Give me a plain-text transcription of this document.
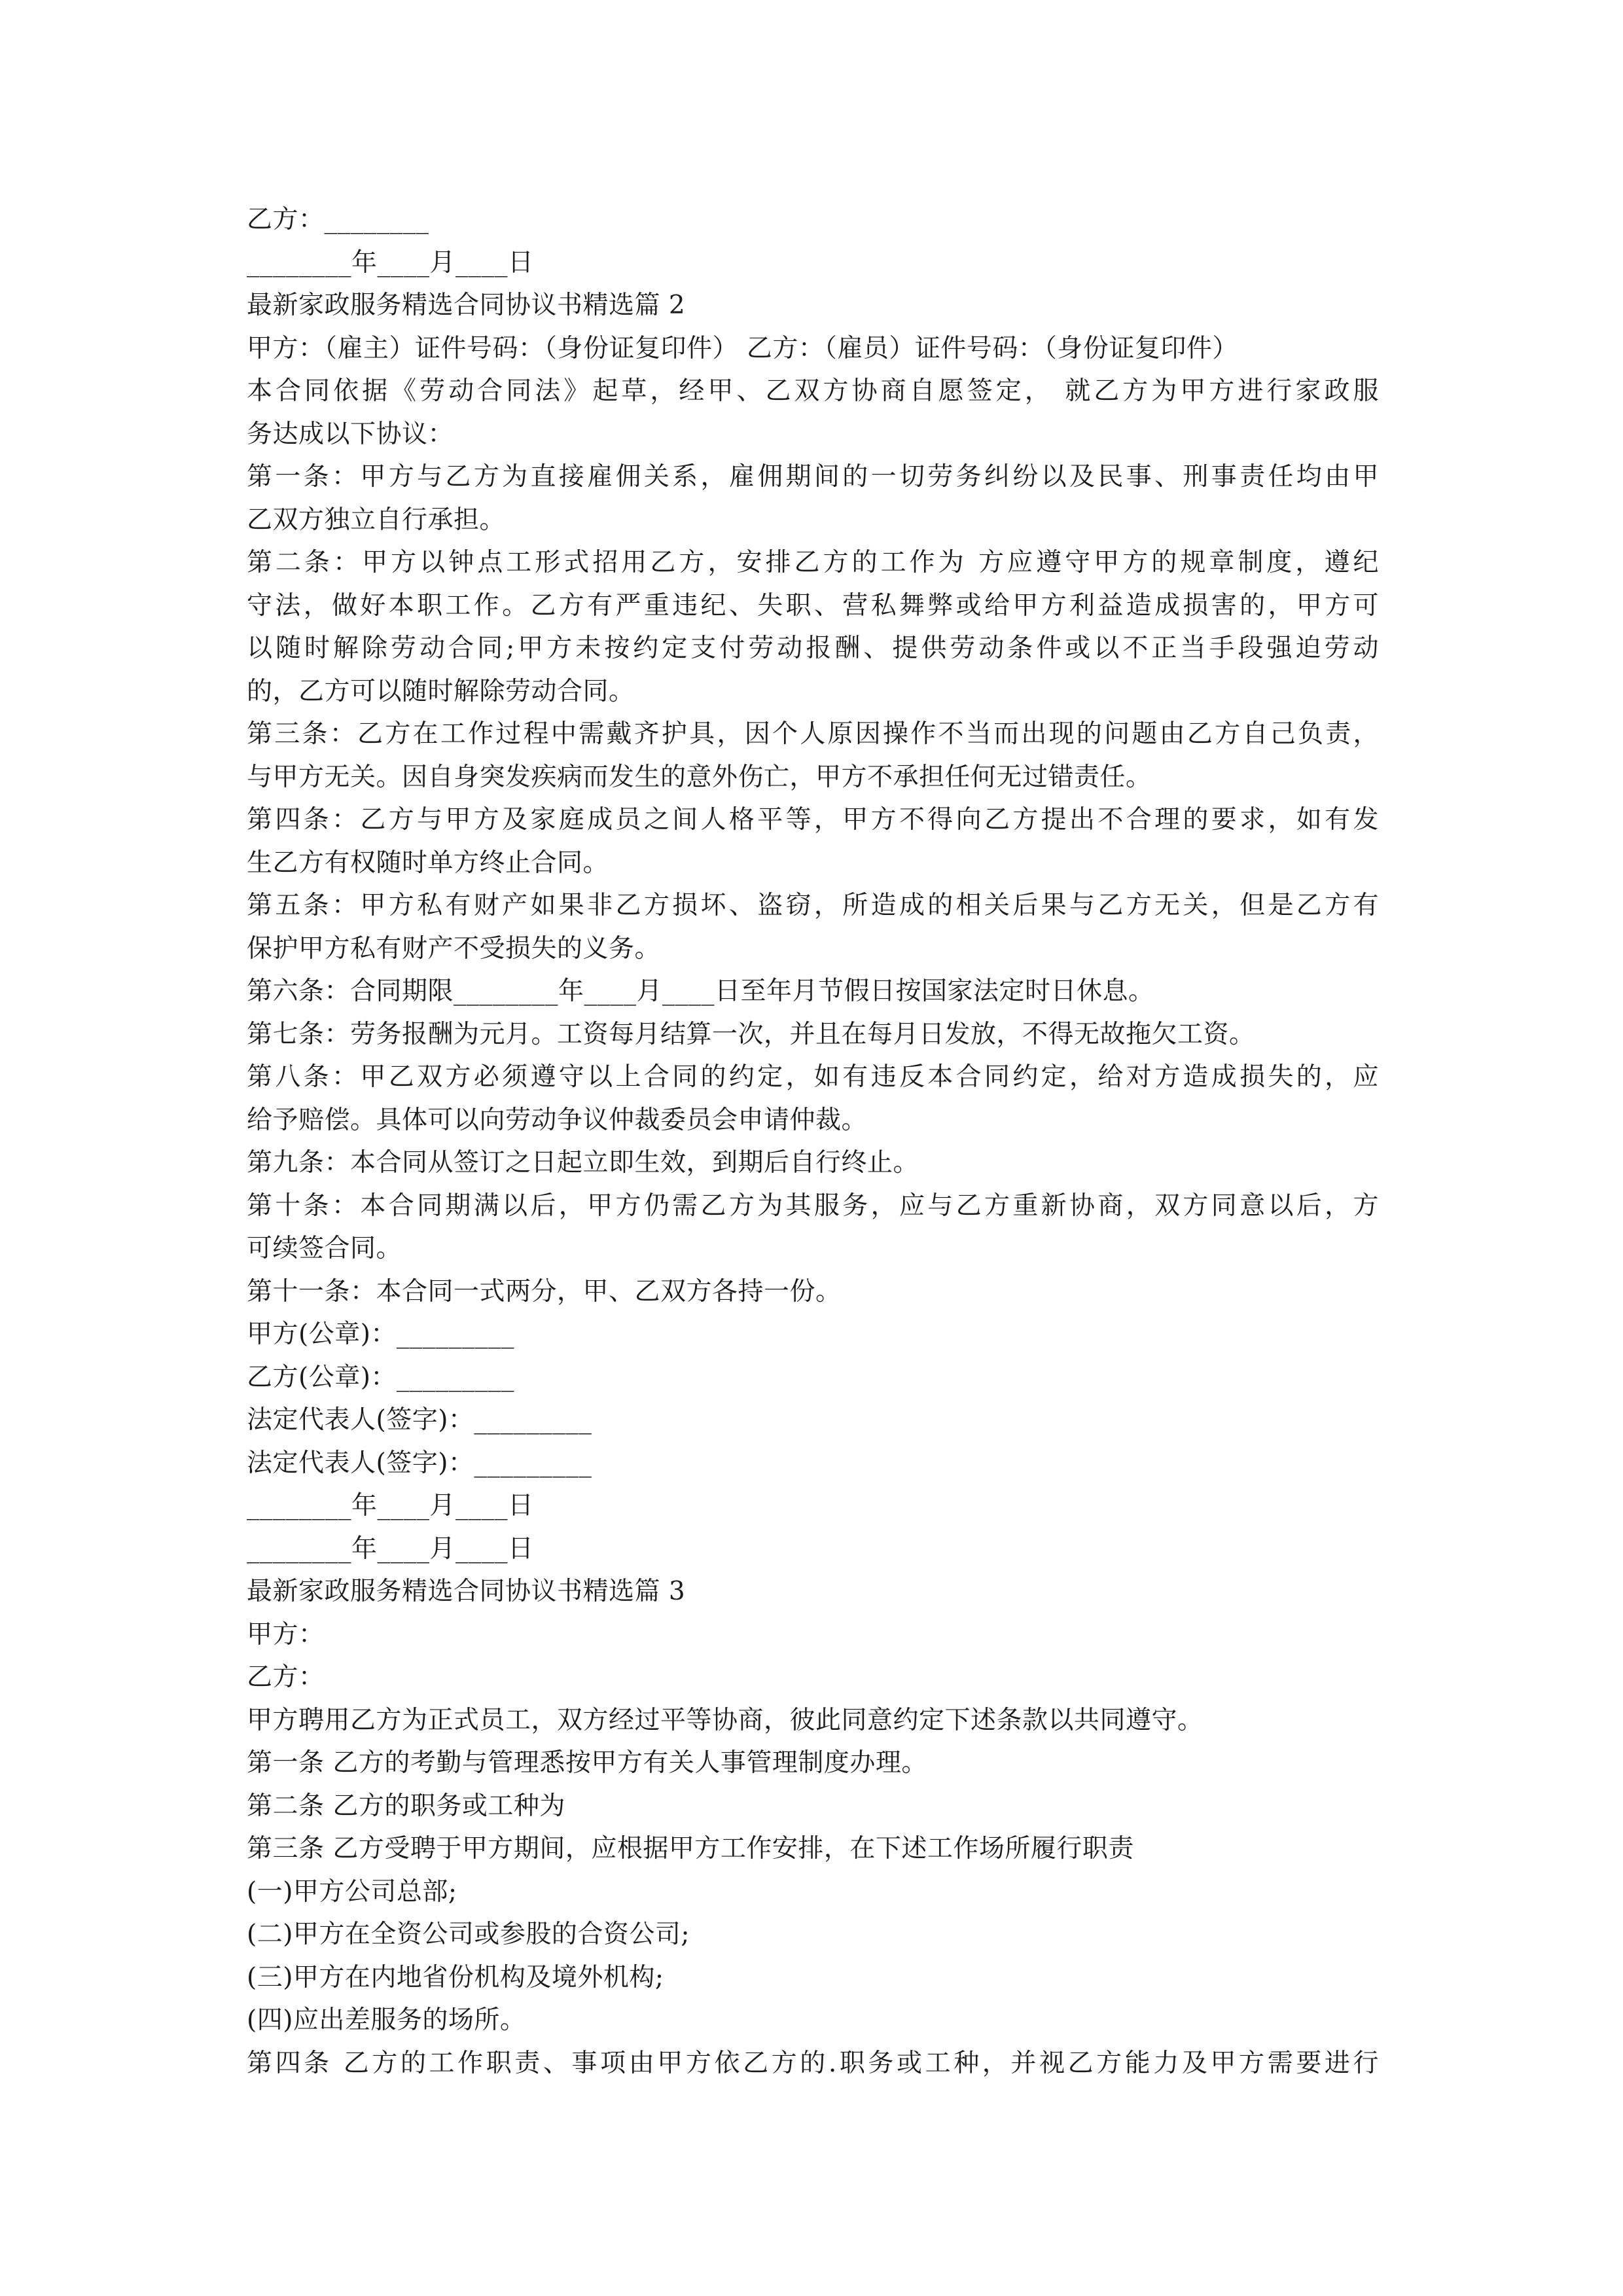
乙方：________
________年____月____日
最新家政服务精选合同协议书精选篇 2
甲方：（雇主）证件号码：（身份证复印件） 乙方：（雇员）证件号码：（身份证复印件）
本合同依据《劳动合同法》起草，经甲、乙双方协商自愿签定， 就乙方为甲方进行家政服
务达成以下协议：
第一条：甲方与乙方为直接雇佣关系，雇佣期间的一切劳务纠纷以及民事、刑事责任均由甲
乙双方独立自行承担。
第二条：甲方以钟点工形式招用乙方，安排乙方的工作为 方应遵守甲方的规章制度，遵纪
守法，做好本职工作。乙方有严重违纪、失职、营私舞弊或给甲方利益造成损害的，甲方可
以随时解除劳动合同;甲方未按约定支付劳动报酬、提供劳动条件或以不正当手段强迫劳动
的，乙方可以随时解除劳动合同。
第三条：乙方在工作过程中需戴齐护具，因个人原因操作不当而出现的问题由乙方自己负责，
与甲方无关。因自身突发疾病而发生的意外伤亡，甲方不承担任何无过错责任。
第四条：乙方与甲方及家庭成员之间人格平等，甲方不得向乙方提出不合理的要求，如有发
生乙方有权随时单方终止合同。
第五条：甲方私有财产如果非乙方损坏、盗窃，所造成的相关后果与乙方无关，但是乙方有
保护甲方私有财产不受损失的义务。
第六条：合同期限________年____月____日至年月节假日按国家法定时日休息。
第七条：劳务报酬为元月。工资每月结算一次，并且在每月日发放，不得无故拖欠工资。
第八条：甲乙双方必须遵守以上合同的约定，如有违反本合同约定，给对方造成损失的，应
给予赔偿。具体可以向劳动争议仲裁委员会申请仲裁。
第九条：本合同从签订之日起立即生效，到期后自行终止。
第十条：本合同期满以后，甲方仍需乙方为其服务，应与乙方重新协商，双方同意以后，方
可续签合同。
第十一条：本合同一式两分，甲、乙双方各持一份。
甲方(公章)：_________
乙方(公章)：_________
法定代表人(签字)：_________
法定代表人(签字)：_________
________年____月____日
________年____月____日
最新家政服务精选合同协议书精选篇 3
甲方：
乙方：
甲方聘用乙方为正式员工，双方经过平等协商，彼此同意约定下述条款以共同遵守。
第一条 乙方的考勤与管理悉按甲方有关人事管理制度办理。
第二条 乙方的职务或工种为
第三条 乙方受聘于甲方期间，应根据甲方工作安排，在下述工作场所履行职责
(一)甲方公司总部;
(二)甲方在全资公司或参股的合资公司;
(三)甲方在内地省份机构及境外机构;
(四)应出差服务的场所。
第四条 乙方的工作职责、事项由甲方依乙方的.职务或工种，并视乙方能力及甲方需要进行
